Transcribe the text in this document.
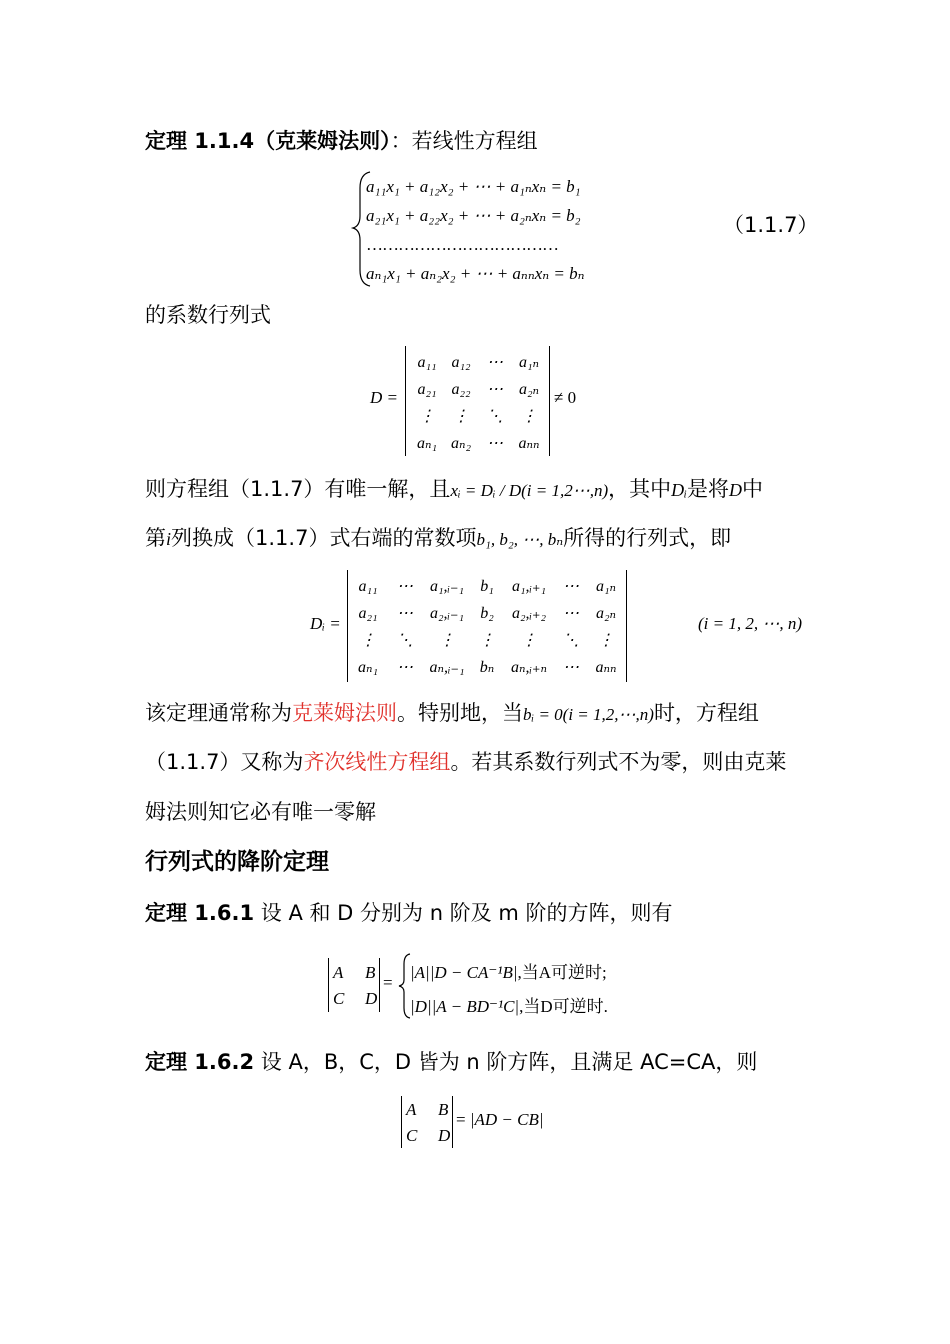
定理 1.1.4（克莱姆法则）：若线性方程组
a₁₁x₁ + a₁₂x₂ + ⋯ + a₁ₙxₙ = b₁
a₂₁x₁ + a₂₂x₂ + ⋯ + a₂ₙxₙ = b₂
………………………………
aₙ₁x₁ + aₙ₂x₂ + ⋯ + aₙₙxₙ = bₙ
（1.1.7）
的系数行列式
D =
a₁₁ a₁₂ ⋯ a₁ₙ
a₂₁ a₂₂ ⋯ a₂ₙ
⋮ ⋮ ⋱ ⋮
aₙ₁ aₙ₂ ⋯ aₙₙ
≠ 0
则方程组（1.1.7）有唯一解，且xᵢ = Dᵢ / D(i = 1,2⋯,n)，其中Dᵢ是将D中
第i列换成（1.1.7）式右端的常数项b₁, b₂, ⋯, bₙ所得的行列式，即
Dᵢ =
a₁₁ ⋯ a₁,ᵢ₋₁ b₁ a₁,ᵢ₊₁ ⋯ a₁ₙ
a₂₁ ⋯ a₂,ᵢ₋₁ b₂ a₂,ᵢ₊₂ ⋯ a₂ₙ
⋮ ⋱ ⋮ ⋮ ⋮ ⋱ ⋮
aₙ₁ ⋯ aₙ,ᵢ₋₁ bₙ aₙ,ᵢ₊ₙ ⋯ aₙₙ
(i = 1, 2, ⋯, n)
该定理通常称为克莱姆法则。特别地，当bᵢ = 0(i = 1,2,⋯,n)时，方程组
（1.1.7）又称为齐次线性方程组。若其系数行列式不为零，则由克莱
姆法则知它必有唯一零解
行列式的降阶定理
定理 1.6.1 设 A 和 D 分别为 n 阶及 m 阶的方阵，则有
A B
C D
=
|A||D − CA⁻¹B|,当A可逆时;
|D||A − BD⁻¹C|,当D可逆时.
定理 1.6.2 设 A，B，C，D 皆为 n 阶方阵，且满足 AC=CA，则
A B
C D
= |AD − CB|
